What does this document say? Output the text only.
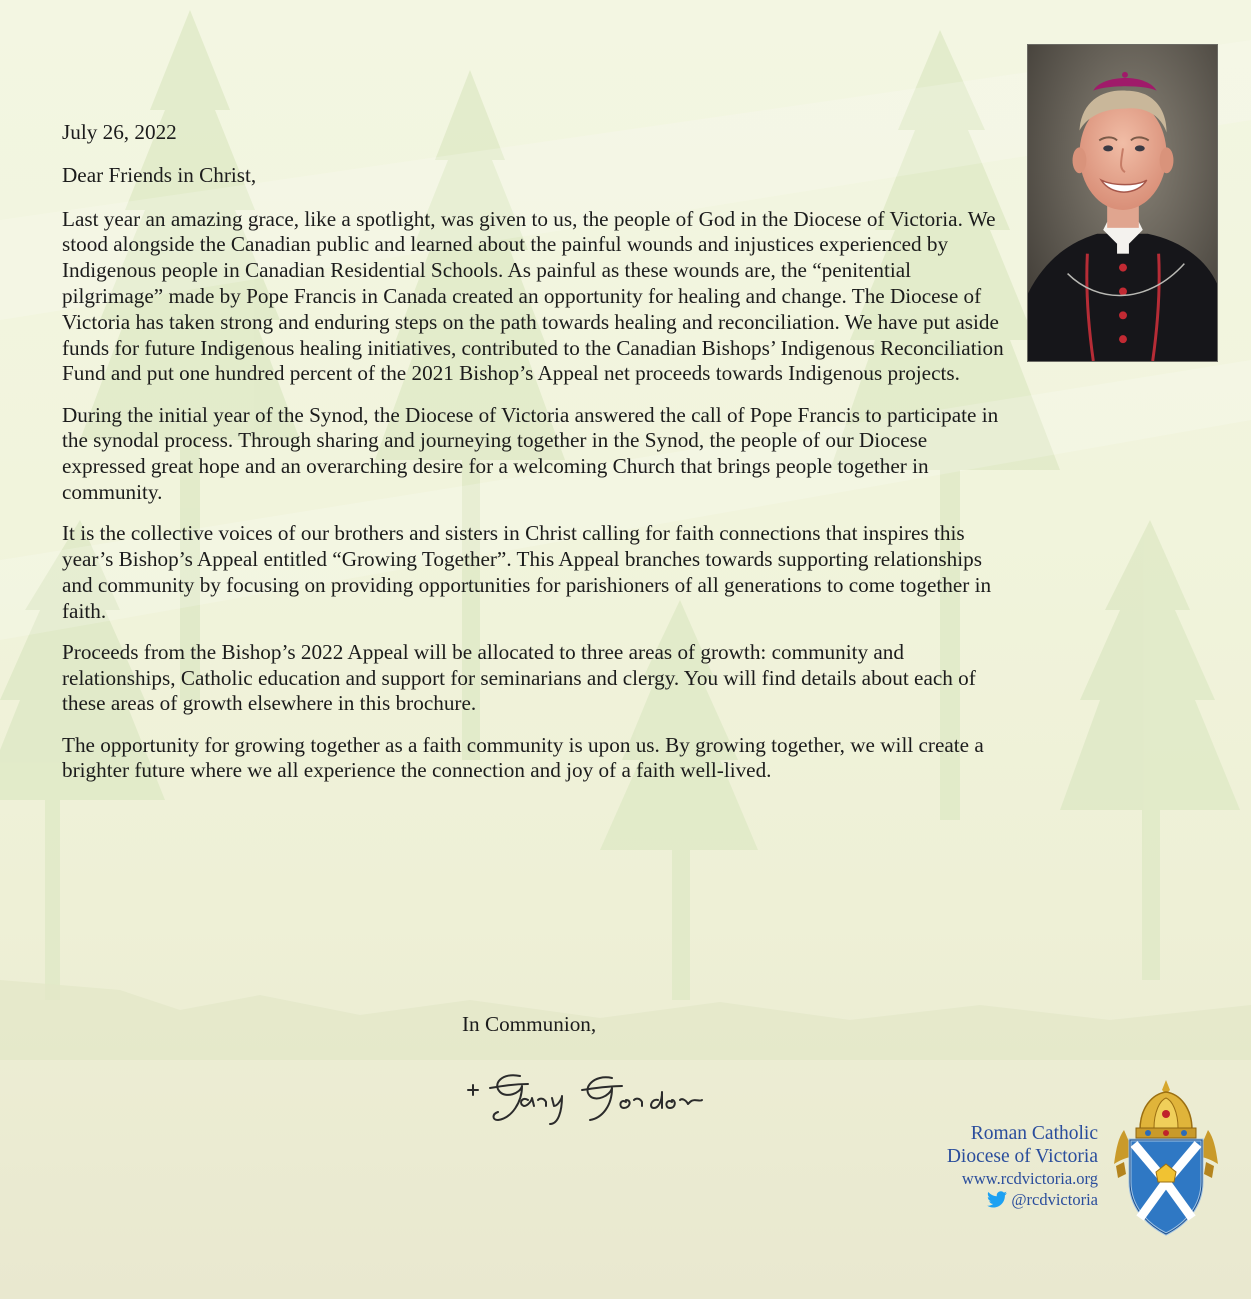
July 26, 2022

Dear Friends in Christ,

Last year an amazing grace, like a spotlight, was given to us, the people of God in the Diocese of Victoria. We stood alongside the Canadian public and learned about the painful wounds and injustices experienced by Indigenous people in Canadian Residential Schools. As painful as these wounds are, the “penitential pilgrimage” made by Pope Francis in Canada created an opportunity for healing and change. The Diocese of Victoria has taken strong and enduring steps on the path towards healing and reconciliation. We have put aside funds for future Indigenous healing initiatives, contributed to the Canadian Bishops’ Indigenous Reconciliation Fund and put one hundred percent of the 2021 Bishop’s Appeal net proceeds towards Indigenous projects.

During the initial year of the Synod, the Diocese of Victoria answered the call of Pope Francis to participate in the synodal process. Through sharing and journeying together in the Synod, the people of our Diocese expressed great hope and an overarching desire for a welcoming Church that brings people together in community.

It is the collective voices of our brothers and sisters in Christ calling for faith connections that inspires this year’s Bishop’s Appeal entitled “Growing Together”. This Appeal branches towards supporting relationships and community by focusing on providing opportunities for parishioners of all generations to come together in faith.

Proceeds from the Bishop’s 2022 Appeal will be allocated to three areas of growth: community and relationships, Catholic education and support for seminarians and clergy. You will find details about each of these areas of growth elsewhere in this brochure.

The opportunity for growing together as a faith community is upon us. By growing together, we will create a brighter future where we all experience the connection and joy of a faith well-lived.

In Communion,
Roman Catholic
Diocese of Victoria
www.rcdvictoria.org
@rcdvictoria
